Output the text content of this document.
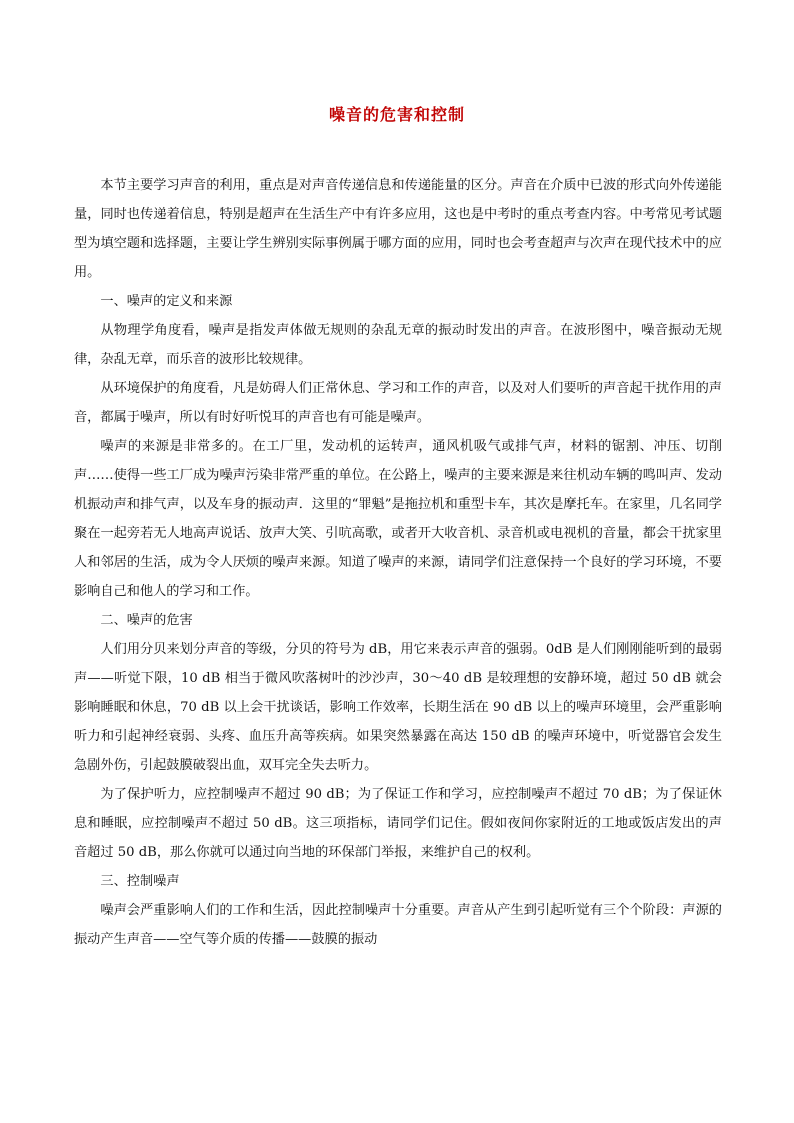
噪音的危害和控制

本节主要学习声音的利用，重点是对声音传递信息和传递能量的区分。声音在介质中已波的形式向外传递能量，同时也传递着信息，特别是超声在生活生产中有许多应用，这也是中考时的重点考查内容。中考常见考试题型为填空题和选择题，主要让学生辨别实际事例属于哪方面的应用，同时也会考查超声与次声在现代技术中的应用。

一、噪声的定义和来源

从物理学角度看，噪声是指发声体做无规则的杂乱无章的振动时发出的声音。在波形图中，噪音振动无规律，杂乱无章，而乐音的波形比较规律。

从环境保护的角度看，凡是妨碍人们正常休息、学习和工作的声音，以及对人们要听的声音起干扰作用的声音，都属于噪声，所以有时好听悦耳的声音也有可能是噪声。

噪声的来源是非常多的。在工厂里，发动机的运转声，通风机吸气或排气声，材料的锯割、冲压、切削声……使得一些工厂成为噪声污染非常严重的单位。在公路上，噪声的主要来源是来往机动车辆的鸣叫声、发动机振动声和排气声，以及车身的振动声．这里的“罪魁”是拖拉机和重型卡车，其次是摩托车。在家里，几名同学聚在一起旁若无人地高声说话、放声大笑、引吭高歌，或者开大收音机、录音机或电视机的音量，都会干扰家里人和邻居的生活，成为令人厌烦的噪声来源。知道了噪声的来源，请同学们注意保持一个良好的学习环境，不要影响自己和他人的学习和工作。

二、噪声的危害

人们用分贝来划分声音的等级，分贝的符号为 dB，用它来表示声音的强弱。0dB 是人们刚刚能听到的最弱声——听觉下限，10 dB 相当于微风吹落树叶的沙沙声，30～40 dB 是较理想的安静环境，超过 50 dB 就会影响睡眠和休息，70 dB 以上会干扰谈话，影响工作效率，长期生活在 90 dB 以上的噪声环境里，会严重影响听力和引起神经衰弱、头疼、血压升高等疾病。如果突然暴露在高达 150 dB 的噪声环境中，听觉器官会发生急剧外伤，引起鼓膜破裂出血，双耳完全失去听力。

为了保护听力，应控制噪声不超过 90 dB；为了保证工作和学习，应控制噪声不超过 70 dB；为了保证休息和睡眠，应控制噪声不超过 50 dB。这三项指标，请同学们记住。假如夜间你家附近的工地或饭店发出的声音超过 50 dB，那么你就可以通过向当地的环保部门举报，来维护自己的权利。

三、控制噪声

噪声会严重影响人们的工作和生活，因此控制噪声十分重要。声音从产生到引起听觉有三个个阶段：声源的振动产生声音——空气等介质的传播——鼓膜的振动
